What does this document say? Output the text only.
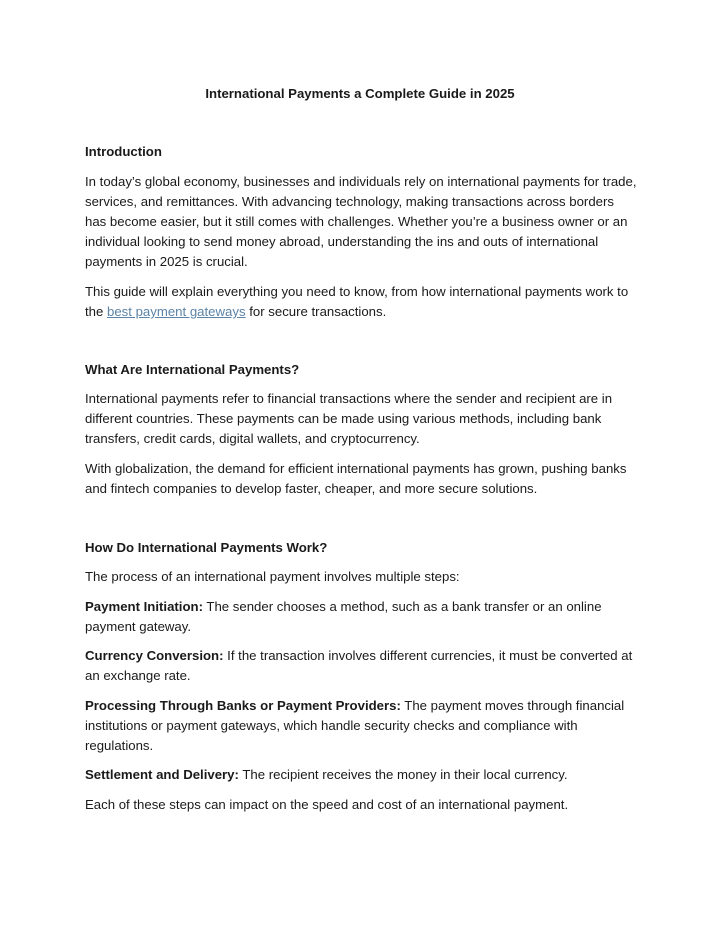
International Payments a Complete Guide in 2025

Introduction

In today’s global economy, businesses and individuals rely on international payments for trade, services, and remittances. With advancing technology, making transactions across borders has become easier, but it still comes with challenges. Whether you’re a business owner or an individual looking to send money abroad, understanding the ins and outs of international payments in 2025 is crucial.

This guide will explain everything you need to know, from how international payments work to the best payment gateways for secure transactions.

What Are International Payments?

International payments refer to financial transactions where the sender and recipient are in different countries. These payments can be made using various methods, including bank transfers, credit cards, digital wallets, and cryptocurrency.

With globalization, the demand for efficient international payments has grown, pushing banks and fintech companies to develop faster, cheaper, and more secure solutions.

How Do International Payments Work?

The process of an international payment involves multiple steps:

Payment Initiation: The sender chooses a method, such as a bank transfer or an online payment gateway.

Currency Conversion: If the transaction involves different currencies, it must be converted at an exchange rate.

Processing Through Banks or Payment Providers: The payment moves through financial institutions or payment gateways, which handle security checks and compliance with regulations.

Settlement and Delivery: The recipient receives the money in their local currency.

Each of these steps can impact on the speed and cost of an international payment.
